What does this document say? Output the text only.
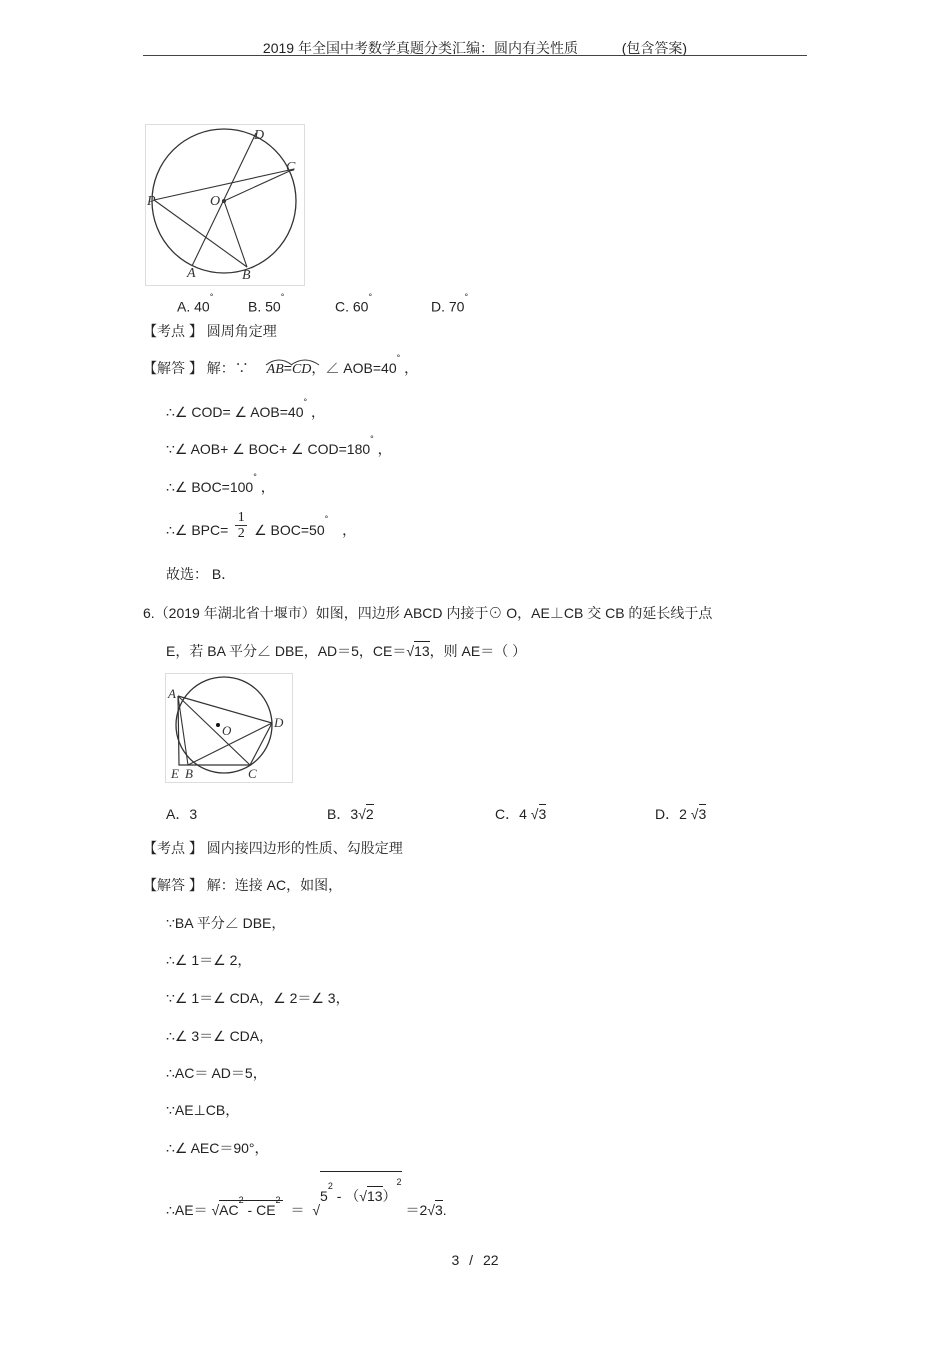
2019 年全国中考数学真题分类汇编：圆内有关性质	(包含答案)
D
C
P	O
A	B
A. 40°
B. 50°
C. 60°
D. 70°
【考点 】 圆周角定理
【解答 】 解：∵ AB=
CD，∠ AOB=40° ，
∴∠ COD= ∠ AOB=40° ，
∵∠ AOB+ ∠ BOC+ ∠ COD=180° ，
∴∠ BOC=100° ，
∴∠ $BPC= \frac{1}{2}$ ∠ BOC=50° ，
故选： B．
6.（2019 年湖北省十堰市）如图，四边形 ABCD 内接于⊙ O，AE⊥CB 交 CB 的延长线于点
E，若 BA 平分∠ DBE，AD＝5，CE＝√13，则 AE＝（ ）
A
O
D
E B	C
A．3	B．3√2	C．4 √3	D．2 √3
【考点 】 圆内接四边形的性质、勾股定理
【解答 】 解：连接 AC，如图，
∵BA 平分∠ DBE，
∴∠ 1＝∠ 2，
∵∠ 1＝∠ CDA，∠ 2＝∠ 3，
∴∠ 3＝∠ CDA，
∴AC＝ AD＝5，
∵AE⊥CB，
∴∠ AEC＝90°，
∴AE＝ $√AC^2 - CE^2 = √5^2 - (√13)^2 =2√3$.
3 / 22
